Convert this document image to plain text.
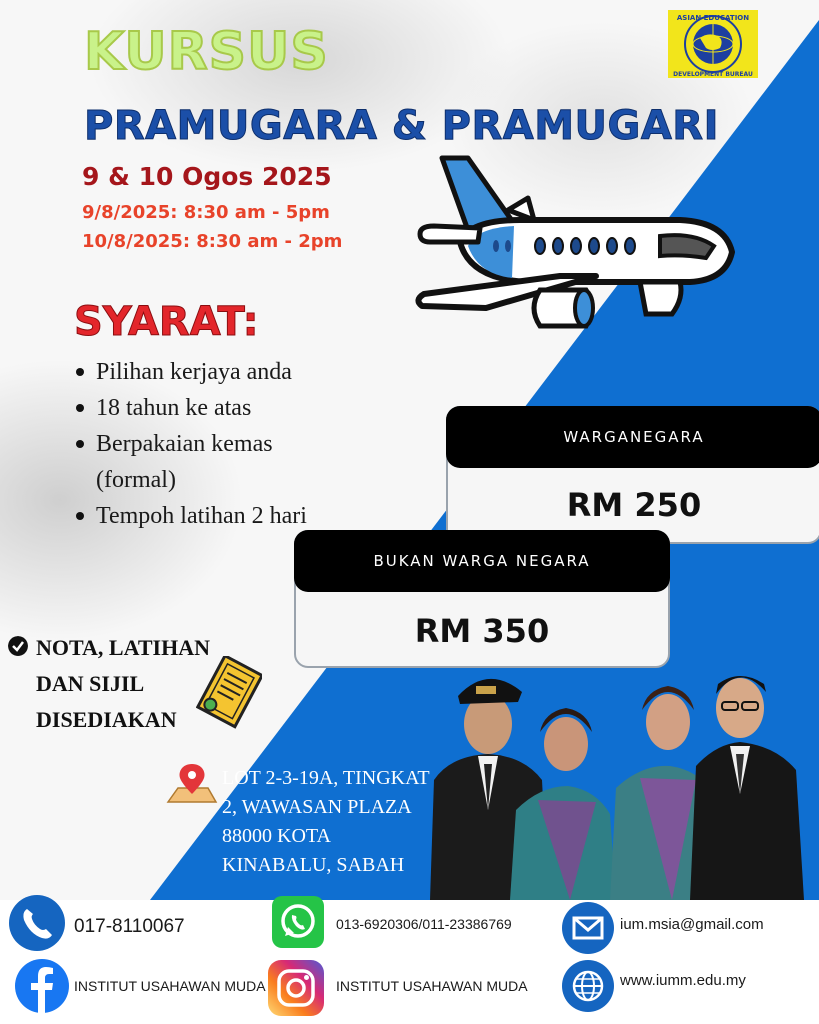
ASIAN EDUCATION
DEVELOPMENT BUREAU
KURSUS
PRAMUGARA & PRAMUGARI
9 & 10 Ogos 2025
9/8/2025: 8:30 am - 5pm
10/8/2025: 8:30 am - 2pm
SYARAT:
Pilihan kerjaya anda
18 tahun ke atas
Berpakaian kemas (formal)
Tempoh latihan 2 hari
WARGANEGARA
RM 250
BUKAN WARGA NEGARA
RM 350
NOTA, LATIHAN
DAN SIJIL
DISEDIAKAN
LOT 2-3-19A, TINGKAT
2, WAWASAN PLAZA
88000 KOTA
KINABALU, SABAH
017-8110067	013-6920306/011-23386769	ium.msia@gmail.com
INSTITUT USAHAWAN MUDA	INSTITUT USAHAWAN MUDA	www.iumm.edu.my
